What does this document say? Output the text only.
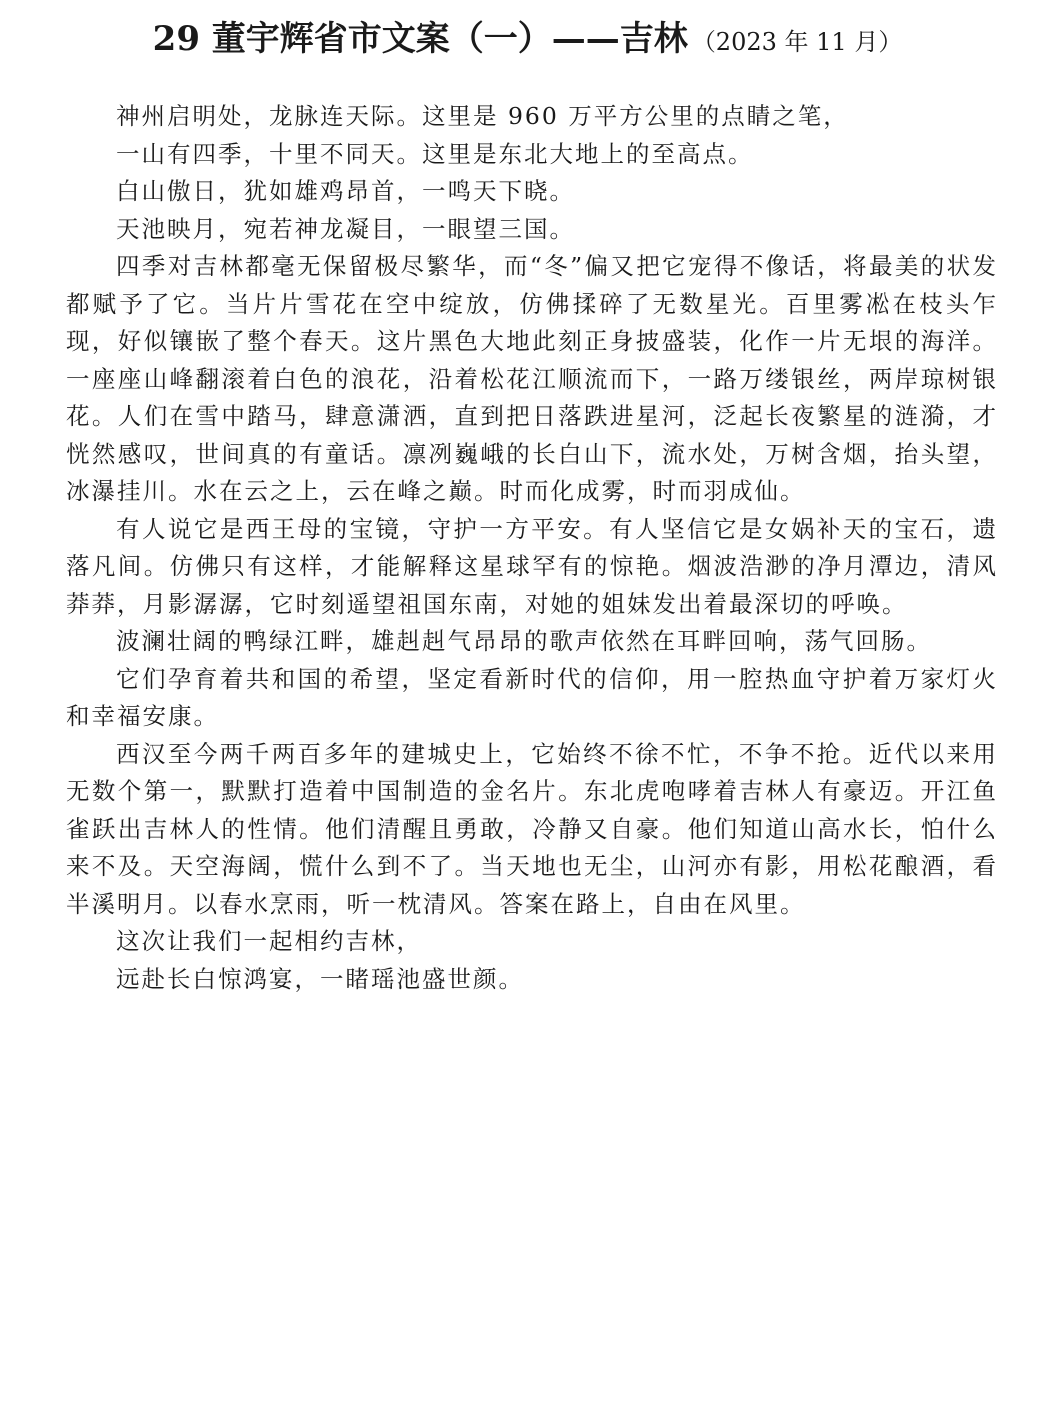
29 董宇辉省市文案（一）——吉林 （2023 年 11 月）

神州启明处，龙脉连天际。这里是 960 万平方公里的点睛之笔，

一山有四季，十里不同天。这里是东北大地上的至高点。

白山傲日，犹如雄鸡昂首，一鸣天下晓。

天池映月，宛若神龙凝目，一眼望三国。

四季对吉林都毫无保留极尽繁华，而“冬”偏又把它宠得不像话，将最美的状发都赋予了它。当片片雪花在空中绽放，仿佛揉碎了无数星光。百里雾凇在枝头乍现，好似镶嵌了整个春天。这片黑色大地此刻正身披盛装，化作一片无垠的海洋。一座座山峰翻滚着白色的浪花，沿着松花江顺流而下，一路万缕银丝，两岸琼树银花。人们在雪中踏马，肆意潇洒，直到把日落跌进星河，泛起长夜繁星的涟漪，才恍然感叹，世间真的有童话。凛冽巍峨的长白山下，流水处，万树含烟，抬头望，冰瀑挂川。水在云之上，云在峰之巅。时而化成雾，时而羽成仙。

有人说它是西王母的宝镜，守护一方平安。有人坚信它是女娲补天的宝石，遗落凡间。仿佛只有这样，才能解释这星球罕有的惊艳。烟波浩渺的净月潭边，清风莽莽，月影潺潺，它时刻遥望祖国东南，对她的姐妹发出着最深切的呼唤。

波澜壮阔的鸭绿江畔，雄赳赳气昂昂的歌声依然在耳畔回响，荡气回肠。

它们孕育着共和国的希望，坚定看新时代的信仰，用一腔热血守护着万家灯火和幸福安康。

西汉至今两千两百多年的建城史上，它始终不徐不忙，不争不抢。近代以来用无数个第一，默默打造着中国制造的金名片。东北虎咆哮着吉林人有豪迈。开江鱼雀跃出吉林人的性情。他们清醒且勇敢，冷静又自豪。他们知道山高水长，怕什么来不及。天空海阔，慌什么到不了。当天地也无尘，山河亦有影，用松花酿酒，看半溪明月。以春水烹雨，听一枕清风。答案在路上，自由在风里。

这次让我们一起相约吉林，

远赴长白惊鸿宴，一睹瑶池盛世颜。
